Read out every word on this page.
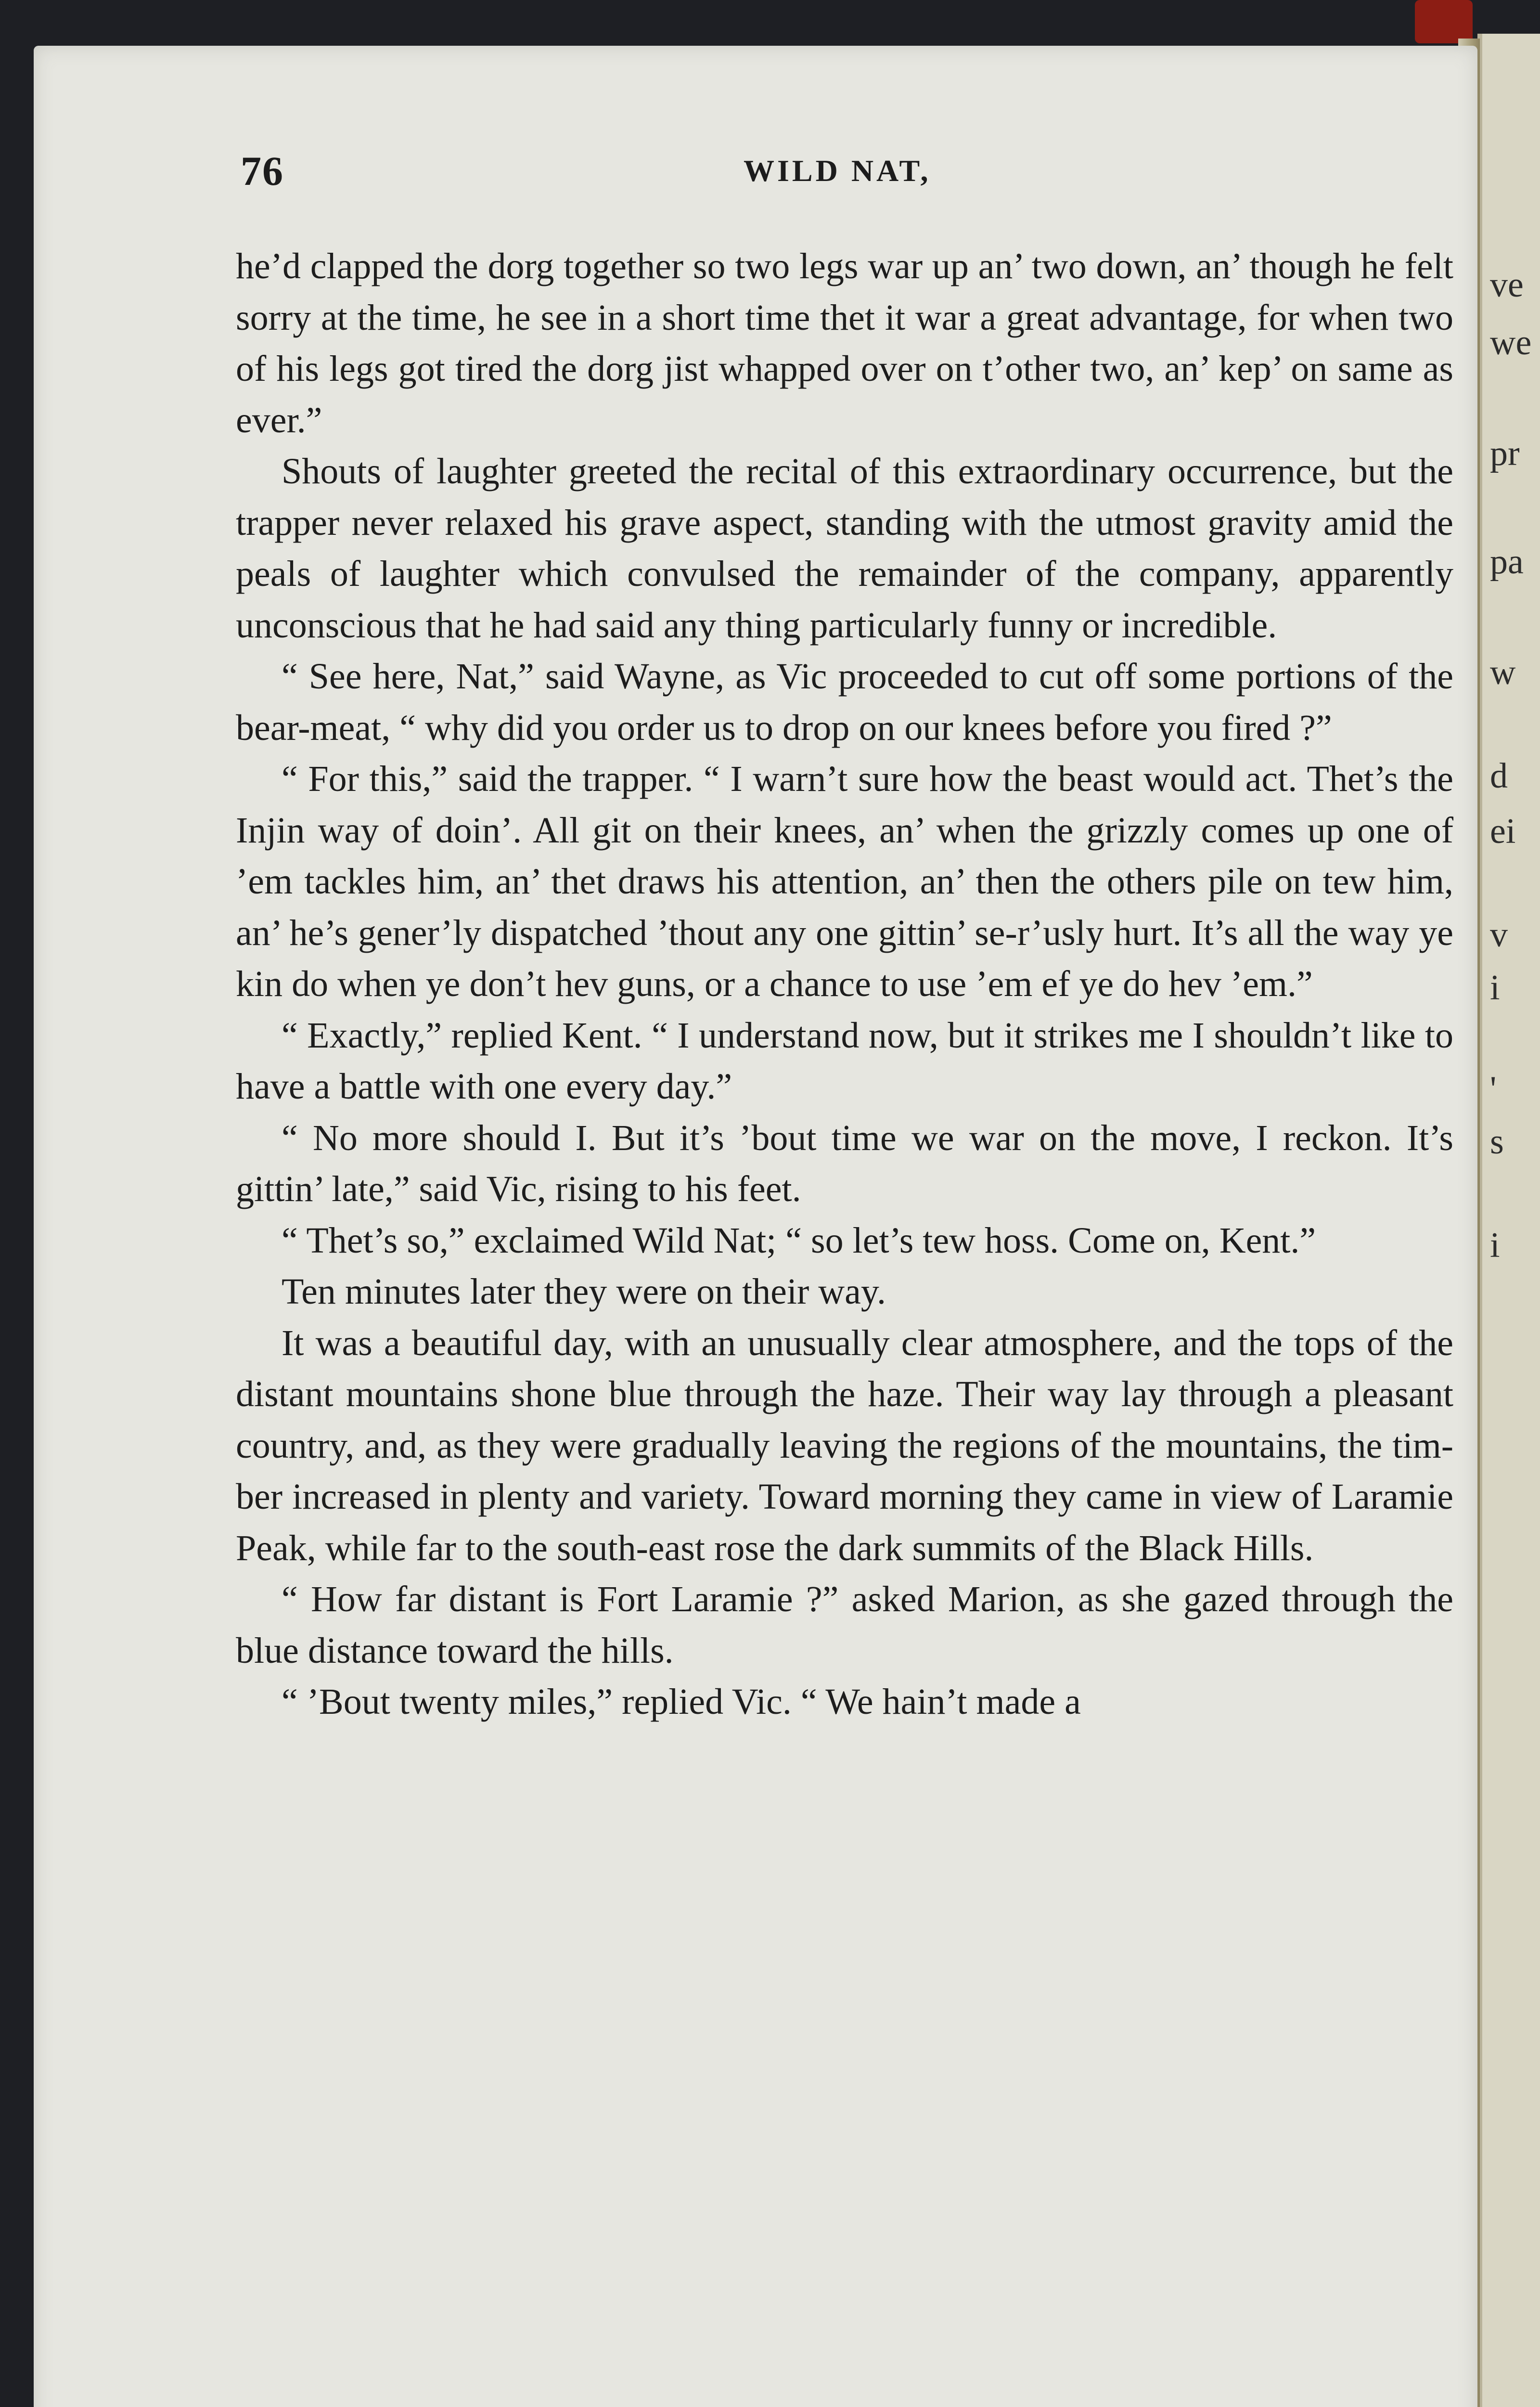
ve
we
pr
pa
w
d
ei
v
i
'
s
i
76	WILD NAT,

he’d clapped the dorg together so two legs war up an’ two down, an’ though he felt sorry at the time, he see in a short time thet it war a great advantage, for when two of his legs got tired the dorg jist whapped over on t’other two, an’ kep’ on same as ever.”

Shouts of laughter greeted the recital of this extraordinary occurrence, but the trapper never relaxed his grave aspect, standing with the utmost gravity amid the peals of laughter which convulsed the remainder of the company, apparently unconscious that he had said any thing particularly funny or incredible.

“ See here, Nat,” said Wayne, as Vic proceeded to cut off some portions of the bear-meat, “ why did you order us to drop on our knees before you fired ?”

“ For this,” said the trapper. “ I warn’t sure how the beast would act. Thet’s the Injin way of doin’. All git on their knees, an’ when the grizzly comes up one of ’em tackles him, an’ thet draws his attention, an’ then the others pile on tew him, an’ he’s gener’ly dispatched ’thout any one gittin’ se-r’usly hurt. It’s all the way ye kin do when ye don’t hev guns, or a chance to use ’em ef ye do hev ’em.”

“ Exactly,” replied Kent. “ I understand now, but it strikes me I shouldn’t like to have a battle with one every day.”

“ No more should I. But it’s ’bout time we war on the move, I reckon. It’s gittin’ late,” said Vic, rising to his feet.

“ Thet’s so,” exclaimed Wild Nat; “ so let’s tew hoss. Come on, Kent.”

Ten minutes later they were on their way.

It was a beautiful day, with an unusually clear atmosphere, and the tops of the distant mountains shone blue through the haze. Their way lay through a pleasant country, and, as they were gradually leaving the regions of the mountains, the tim-ber increased in plenty and variety. Toward morning they came in view of Laramie Peak, while far to the south-east rose the dark summits of the Black Hills.

“ How far distant is Fort Laramie ?” asked Marion, as she gazed through the blue distance toward the hills.

“ ’Bout twenty miles,” replied Vic. “ We hain’t made a
